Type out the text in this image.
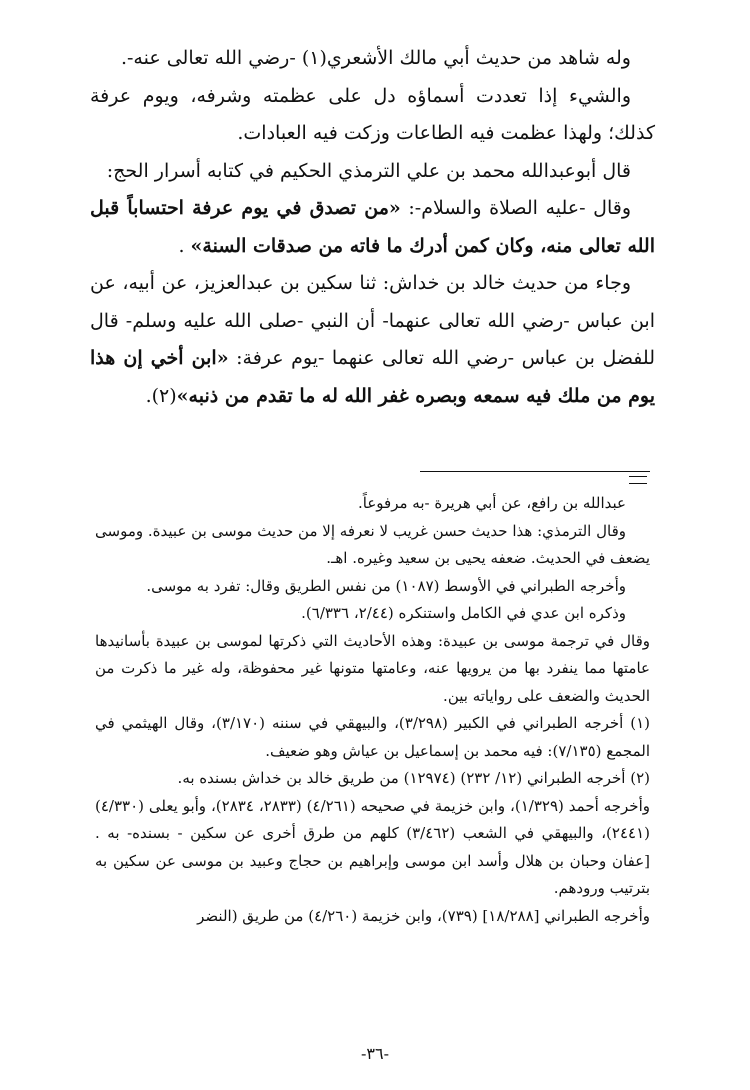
وله شاهد من حديث أبي مالك الأشعري(١) -رضي الله تعالى عنه-.

والشيء إذا تعددت أسماؤه دل على عظمته وشرفه، ويوم عرفة كذلك؛ ولهذا عظمت فيه الطاعات وزكت فيه العبادات.

قال أبوعبدالله محمد بن علي الترمذي الحكيم في كتابه أسرار الحج:

وقال -عليه الصلاة والسلام-: «من تصدق في يوم عرفة احتساباً قبل الله تعالى منه، وكان كمن أدرك ما فاته من صدقات السنة» .

وجاء من حديث خالد بن خداش: ثنا سكين بن عبدالعزيز، عن أبيه، عن ابن عباس -رضي الله تعالى عنهما- أن النبي -صلى الله عليه وسلم- قال للفضل بن عباس -رضي الله تعالى عنهما -يوم عرفة: «ابن أخي إن هذا يوم من ملك فيه سمعه وبصره غفر الله له ما تقدم من ذنبه»(٢).

عبدالله بن رافع، عن أبي هريرة -به مرفوعاً.

وقال الترمذي: هذا حديث حسن غريب لا نعرفه إلا من حديث موسى بن عبيدة. وموسى يضعف في الحديث. ضعفه يحيى بن سعيد وغيره. اهـ.

وأخرجه الطبراني في الأوسط (١٠٨٧) من نفس الطريق وقال: تفرد به موسى.

وذكره ابن عدي في الكامل واستنكره (٢/٤٤، ٦/٣٣٦).

وقال في ترجمة موسى بن عبيدة: وهذه الأحاديث التي ذكرتها لموسى بن عبيدة بأسانيدها عامتها مما ينفرد بها من يرويها عنه، وعامتها متونها غير محفوظة، وله غير ما ذكرت من الحديث والضعف على رواياته بين.

(١) أخرجه الطبراني في الكبير (٣/٢٩٨)، والبيهقي في سننه (٣/١٧٠)، وقال الهيثمي في المجمع (٧/١٣٥): فيه محمد بن إسماعيل بن عياش وهو ضعيف.

(٢) أخرجه الطبراني (١٢/ ٢٣٢) (١٢٩٧٤) من طريق خالد بن خداش بسنده به.

وأخرجه أحمد (١/٣٢٩)، وابن خزيمة في صحيحه (٤/٢٦١) (٢٨٣٣، ٢٨٣٤)، وأبو يعلى (٤/٣٣٠) (٢٤٤١)، والبيهقي في الشعب (٣/٤٦٢) كلهم من طرق أخرى عن سكين - بسنده- به . [عفان وحبان بن هلال وأسد ابن موسى وإبراهيم بن حجاج وعبيد بن موسى عن سكين به بترتيب ورودهم.

وأخرجه الطبراني [١٨/٢٨٨] (٧٣٩)، وابن خزيمة (٤/٢٦٠) من طريق (النضر

-٣٦-
